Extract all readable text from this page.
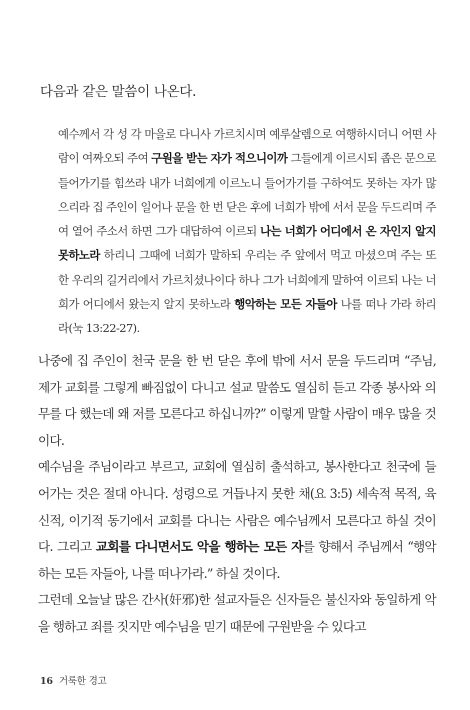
다음과 같은 말씀이 나온다.

예수께서 각 성 각 마을로 다니사 가르치시며 예루살렘으로 여행하시더니 어떤 사람이 여짜오되 주여 구원을 받는 자가 적으니이까 그들에게 이르시되 좁은 문으로 들어가기를 힘쓰라 내가 너희에게 이르노니 들어가기를 구하여도 못하는 자가 많으리라 집 주인이 일어나 문을 한 번 닫은 후에 너희가 밖에 서서 문을 두드리며 주여 열어 주소서 하면 그가 대답하여 이르되 나는 너희가 어디에서 온 자인지 알지 못하노라 하리니 그때에 너희가 말하되 우리는 주 앞에서 먹고 마셨으며 주는 또한 우리의 길거리에서 가르치셨나이다 하나 그가 너희에게 말하여 이르되 나는 너희가 어디에서 왔는지 알지 못하노라 행악하는 모든 자들아 나를 떠나 가라 하리라(눅 13:22-27).

나중에 집 주인이 천국 문을 한 번 닫은 후에 밖에 서서 문을 두드리며 “주님, 제가 교회를 그렇게 빠짐없이 다니고 설교 말씀도 열심히 듣고 각종 봉사와 의무를 다 했는데 왜 저를 모른다고 하십니까?” 이렇게 말할 사람이 매우 많을 것이다.

예수님을 주님이라고 부르고, 교회에 열심히 출석하고, 봉사한다고 천국에 들어가는 것은 절대 아니다. 성령으로 거듭나지 못한 채(요 3:5) 세속적 목적, 육신적, 이기적 동기에서 교회를 다니는 사람은 예수님께서 모른다고 하실 것이다. 그리고 교회를 다니면서도 악을 행하는 모든 자를 향해서 주님께서 “행악하는 모든 자들아, 나를 떠나가라.” 하실 것이다.

그런데 오늘날 많은 간사(奸邪)한 설교자들은 신자들은 불신자와 동일하게 악을 행하고 죄를 짓지만 예수님을 믿기 때문에 구원받을 수 있다고

16 거룩한 경고
